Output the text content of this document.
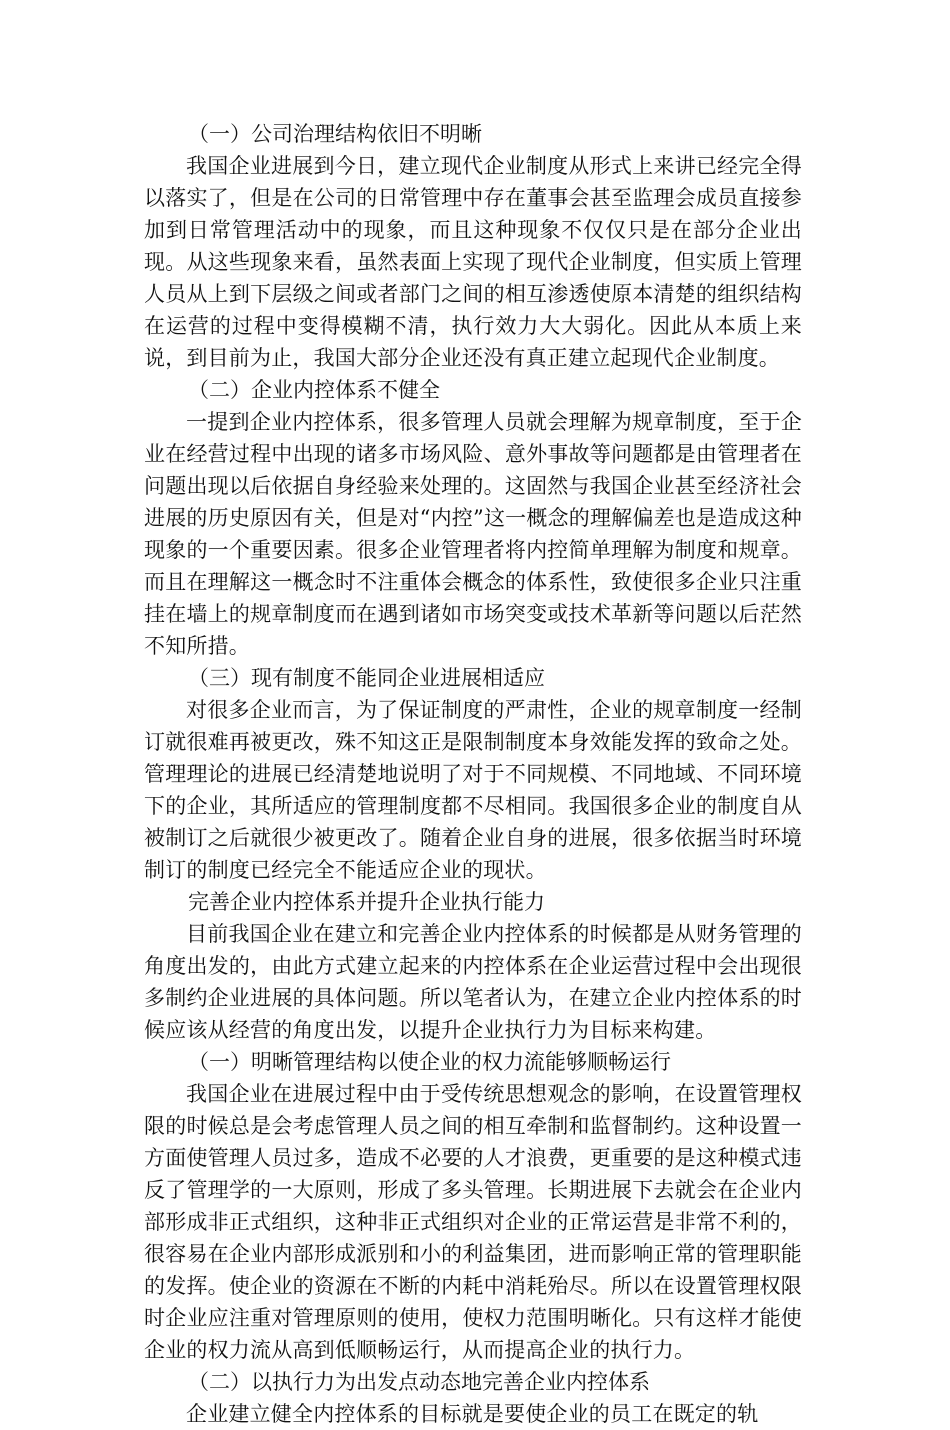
（一）公司治理结构依旧不明晰

我国企业进展到今日，建立现代企业制度从形式上来讲已经完全得以落实了，但是在公司的日常管理中存在董事会甚至监理会成员直接参加到日常管理活动中的现象，而且这种现象不仅仅只是在部分企业出现。从这些现象来看，虽然表面上实现了现代企业制度，但实质上管理人员从上到下层级之间或者部门之间的相互渗透使原本清楚的组织结构在运营的过程中变得模糊不清，执行效力大大弱化。因此从本质上来说，到目前为止，我国大部分企业还没有真正建立起现代企业制度。

（二）企业内控体系不健全

一提到企业内控体系，很多管理人员就会理解为规章制度，至于企业在经营过程中出现的诸多市场风险、意外事故等问题都是由管理者在问题出现以后依据自身经验来处理的。这固然与我国企业甚至经济社会进展的历史原因有关，但是对“内控”这一概念的理解偏差也是造成这种现象的一个重要因素。很多企业管理者将内控简单理解为制度和规章。而且在理解这一概念时不注重体会概念的体系性，致使很多企业只注重挂在墙上的规章制度而在遇到诸如市场突变或技术革新等问题以后茫然不知所措。

（三）现有制度不能同企业进展相适应

对很多企业而言，为了保证制度的严肃性，企业的规章制度一经制订就很难再被更改，殊不知这正是限制制度本身效能发挥的致命之处。管理理论的进展已经清楚地说明了对于不同规模、不同地域、不同环境下的企业，其所适应的管理制度都不尽相同。我国很多企业的制度自从被制订之后就很少被更改了。随着企业自身的进展，很多依据当时环境制订的制度已经完全不能适应企业的现状。

完善企业内控体系并提升企业执行能力

目前我国企业在建立和完善企业内控体系的时候都是从财务管理的角度出发的，由此方式建立起来的内控体系在企业运营过程中会出现很多制约企业进展的具体问题。所以笔者认为，在建立企业内控体系的时候应该从经营的角度出发，以提升企业执行力为目标来构建。

（一）明晰管理结构以使企业的权力流能够顺畅运行

我国企业在进展过程中由于受传统思想观念的影响，在设置管理权限的时候总是会考虑管理人员之间的相互牵制和监督制约。这种设置一方面使管理人员过多，造成不必要的人才浪费，更重要的是这种模式违反了管理学的一大原则，形成了多头管理。长期进展下去就会在企业内部形成非正式组织，这种非正式组织对企业的正常运营是非常不利的，很容易在企业内部形成派别和小的利益集团，进而影响正常的管理职能的发挥。使企业的资源在不断的内耗中消耗殆尽。所以在设置管理权限时企业应注重对管理原则的使用，使权力范围明晰化。只有这样才能使企业的权力流从高到低顺畅运行，从而提高企业的执行力。

（二）以执行力为出发点动态地完善企业内控体系

企业建立健全内控体系的目标就是要使企业的员工在既定的轨
